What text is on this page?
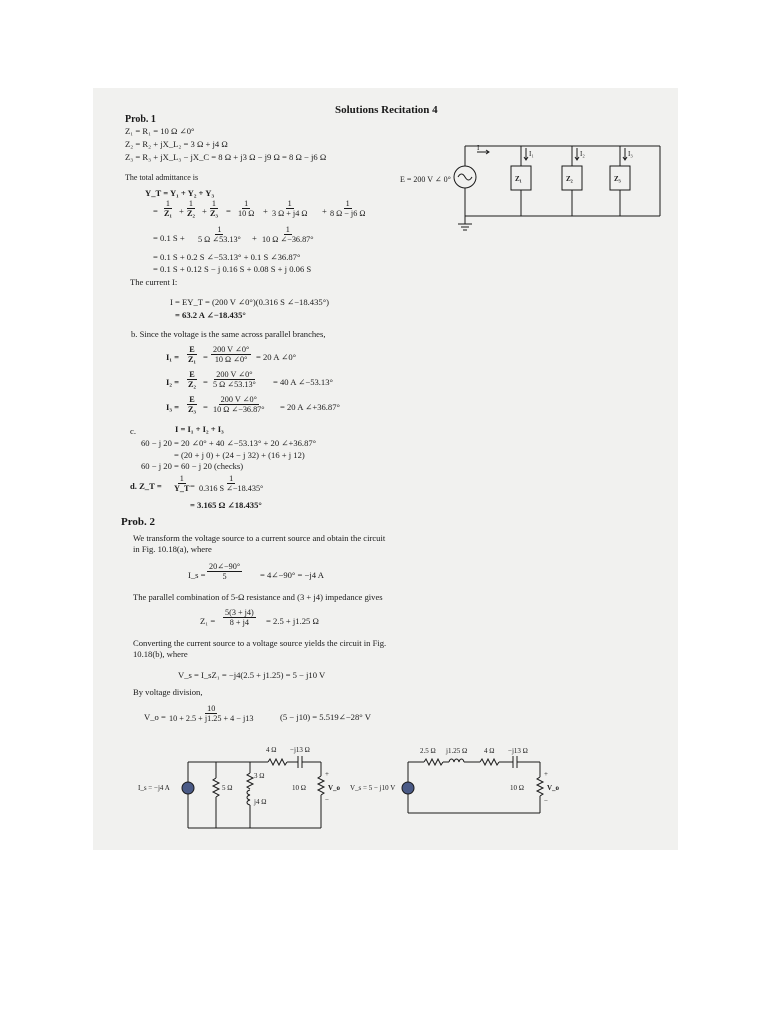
Solutions Recitation 4
Prob. 1
Z₁ = R₁ = 10 Ω ∠0°
Z₂ = R₂ + jX_L₂ = 3 Ω + j4 Ω
Z₃ = R₃ + jX_L₃ − jX_C = 8 Ω + j3 Ω − j9 Ω = 8 Ω − j6 Ω
The total admittance is
Y_T = Y₁ + Y₂ + Y₃
= $\frac{1}{\text{Z₁}} + \frac{1}{\text{Z₂}} + \frac{1}{\text{Z₃}} = \frac{1}{10 \Omega} + \frac{1}{3 \Omega + j4 \Omega} + \frac{1}{8 \Omega - j6 \Omega}$
= 0.1 $S + \frac{1}{5 \Omega \angle 53.13^\circ} + \frac{1}{10 \Omega \angle-36.87^\circ}$
= 0.1 S + 0.2 S ∠−53.13° + 0.1 S ∠36.87°
= 0.1 S + 0.12 S − j 0.16 S + 0.08 S + j 0.06 S
The current I:
I = EY_T = (200 V ∠0°)(0.316 S ∠−18.435°)
= 63.2 A ∠−18.435°
b. Since the voltage is the same across parallel branches,
$I_1 = \frac{E}{\text{Z₁}} = \frac{200 V \angle 0^\circ}{10 \Omega \angle 0^\circ} = 20$ A ∠0°
$I_2 = \frac{E}{\text{Z₂}} = \frac{200 V \angle 0^\circ}{5 \Omega \angle 53.13^\circ} = 40$ A ∠−53.13°
$I_3 = \frac{E}{\text{Z₃}} = \frac{200 V \angle 0^\circ}{10 \Omega \angle-36.87^\circ} = 20$ A ∠+36.87°
c.	I = I₁ + I₂ + I₃
60 − j 20 = 20 ∠0° + 40 ∠−53.13° + 20 ∠+36.87°
= (20 + j 0) + (24 − j 32) + (16 + j 12)
60 − j 20 = 60 − j 20 (checks)
d. Z_T = $\frac{1}{Y\_T}$
= $\frac{1}{0.316 S \angle-18.435^\circ}$
= 3.165 Ω ∠18.435°
E = 200 V ∠ 0°
I
I₁	I₂	I₃
Z₁	Z₂	Z₃
Prob. 2
We transform the voltage source to a current source and obtain the circuit
in Fig. 10.18(a), where
I_s = $\frac{20\angle-90^\circ}{5}$ = 4∠−90° = −j4 A
The parallel combination of 5-Ω resistance and (3 + j4) impedance gives
$Z_1 = \frac{5(3 + j4)}{8 + j4} = 2.5 + j1.25$ Ω
Converting the current source to a voltage source yields the circuit in Fig.
10.18(b), where
V_s = I_sZ₁ = −j4(2.5 + j1.25) = 5 − j10 V
By voltage division,
V_o = $\frac{10}{10 + 2.5 + j1.25 + 4 - j13}$	(5 − j10) = 5.519∠−28° V
I_s = −j4 A	5 Ω
3 Ω
j4 Ω
4 Ω −j13 Ω
10 Ω	V_o
+
−
V_s = 5 − j10 V
2.5 Ω j1.25 Ω 4 Ω −j13 Ω
10 Ω	V_o
+
−
